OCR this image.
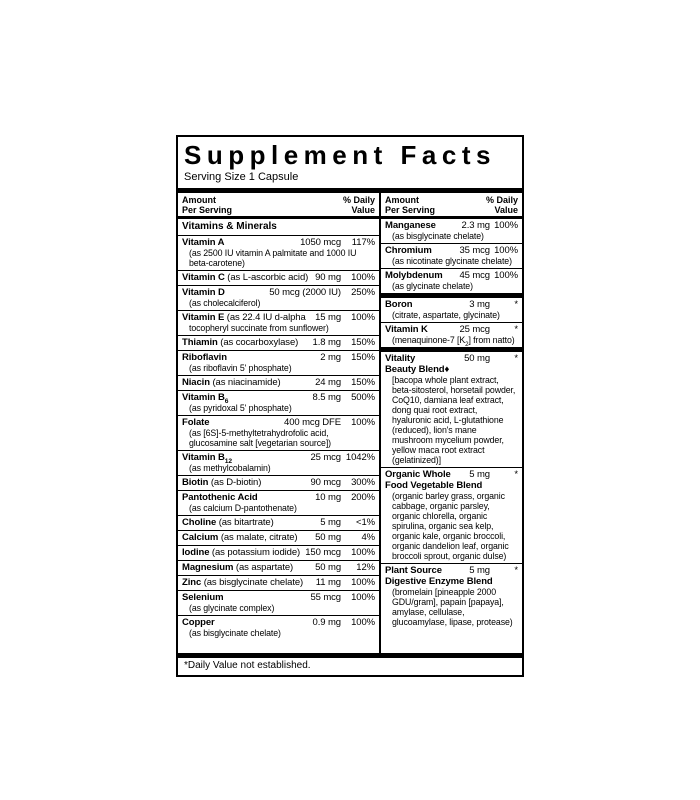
Supplement Facts
Serving Size 1 Capsule
Amount
Per Serving
% Daily
Value
Vitamins & Minerals
Vitamin A	1050 mcg	117%
(as 2500 IU vitamin A palmitate and 1000 IU beta-carotene)
Vitamin C (as L-ascorbic acid) 90 mg	100%
Vitamin D	50 mcg (2000 IU)	250%
(as cholecalciferol)
Vitamin E (as 22.4 IU d-alpha 15 mg	100%
tocopheryl succinate from sunflower)
Thiamin (as cocarboxylase)	1.8 mg	150%
Riboflavin	2 mg	150%
(as riboflavin 5' phosphate)
Niacin (as niacinamide)	24 mg	150%
Vitamin $B_6$	8.5 mg	500%
(as pyridoxal 5' phosphate)
Folate	400 mcg DFE	100%
(as [6S]-5-methyltetrahydrofolic acid, glucosamine salt [vegetarian source])
Vitamin $B_{12}$	25 mcg 1042%
(as methylcobalamin)
Biotin (as D-biotin)	90 mcg	300%
Pantothenic Acid	10 mg	200%
(as calcium D-pantothenate)
Choline (as bitartrate)	5 mg	<1%
Calcium (as malate, citrate)	50 mg	4%
Iodine (as potassium iodide) 150 mcg	100%
Magnesium (as aspartate)	50 mg	12%
Zinc (as bisglycinate chelate)	11 mg	100%
Selenium	55 mcg	100%
(as glycinate complex)
Copper	0.9 mg	100%
(as bisglycinate chelate)
Amount
Per Serving
% Daily
Value
Manganese	2.3 mg 100%
(as bisglycinate chelate)
Chromium	35 mcg 100%
(as nicotinate glycinate chelate)
Molybdenum	45 mcg 100%
(as glycinate chelate)
Boron	3 mg	*
(citrate, aspartate, glycinate)
Vitamin K	25 mcg	*
(menaquinone-7 $[K_2]$ from natto)
Vitality	50 mg	*
Beauty Blend♦
[bacopa whole plant extract, beta-sitosterol, horsetail powder, CoQ10, damiana leaf extract, dong quai root extract, hyaluronic acid, L-glutathione (reduced), lion's mane mushroom mycelium powder, yellow maca root extract (gelatinized)]
Organic Whole	5 mg	*
Food Vegetable Blend
(organic barley grass, organic cabbage, organic parsley, organic chlorella, organic spirulina, organic sea kelp, organic kale, organic broccoli, organic dandelion leaf, organic broccoli sprout, organic dulse)
Plant Source	5 mg	*
Digestive Enzyme Blend
(bromelain [pineapple 2000 GDU/gram], papain [papaya], amylase, cellulase, glucoamylase, lipase, protease)
*Daily Value not established.
